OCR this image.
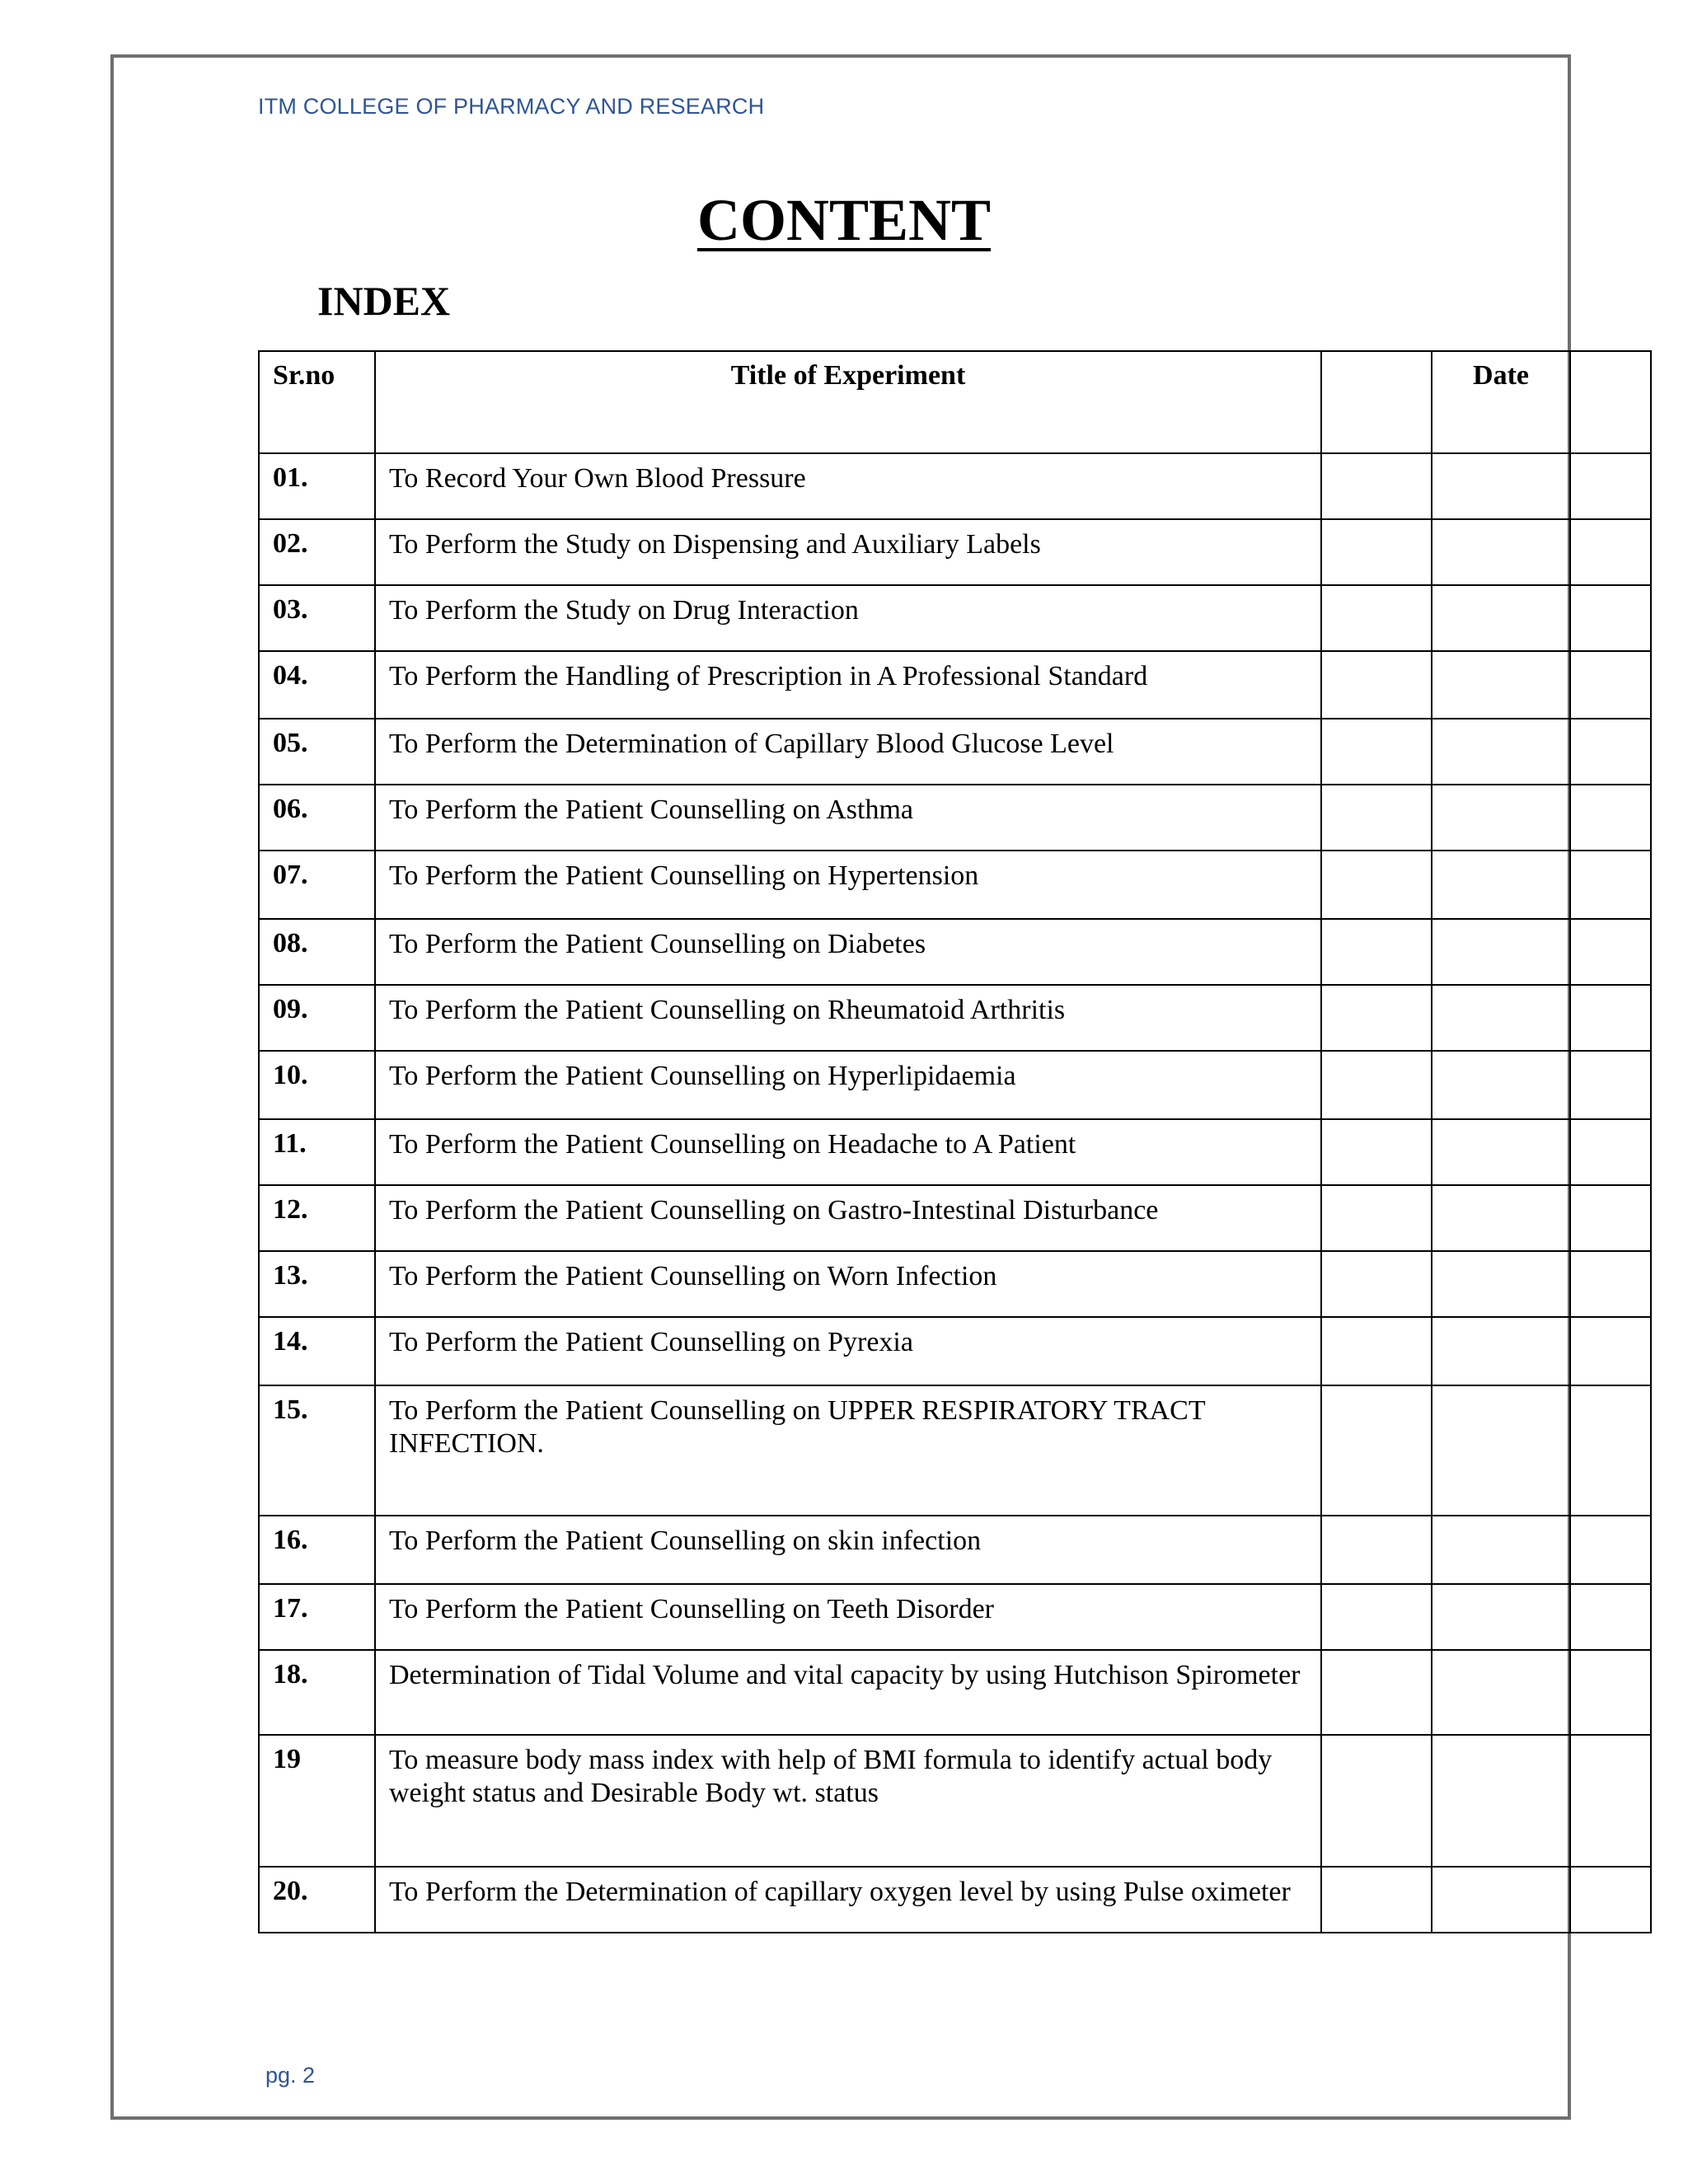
ITM COLLEGE OF PHARMACY AND RESEARCH
CONTENT
INDEX
Sr.no	Title of Experiment		Date	
01.	To Record Your Own Blood Pressure			
02.	To Perform the Study on Dispensing and Auxiliary Labels			
03.	To Perform the Study on Drug Interaction			
04.	To Perform the Handling of Prescription in A Professional Standard			
05.	To Perform the Determination of Capillary Blood Glucose Level			
06.	To Perform the Patient Counselling on Asthma			
07.	To Perform the Patient Counselling on Hypertension			
08.	To Perform the Patient Counselling on Diabetes			
09.	To Perform the Patient Counselling on Rheumatoid Arthritis			
10.	To Perform the Patient Counselling on Hyperlipidaemia			
11.	To Perform the Patient Counselling on Headache to A Patient			
12.	To Perform the Patient Counselling on Gastro-Intestinal Disturbance			
13.	To Perform the Patient Counselling on Worn Infection			
14.	To Perform the Patient Counselling on Pyrexia			
15.	To Perform the Patient Counselling on UPPER RESPIRATORY TRACT INFECTION.			
16.	To Perform the Patient Counselling on skin infection			
17.	To Perform the Patient Counselling on Teeth Disorder			
18.	Determination of Tidal Volume and vital capacity by using Hutchison Spirometer			
19	To measure body mass index with help of BMI formula to identify actual body weight status and Desirable Body wt. status			
20.	To Perform the Determination of capillary oxygen level by using Pulse oximeter			
pg. 2
